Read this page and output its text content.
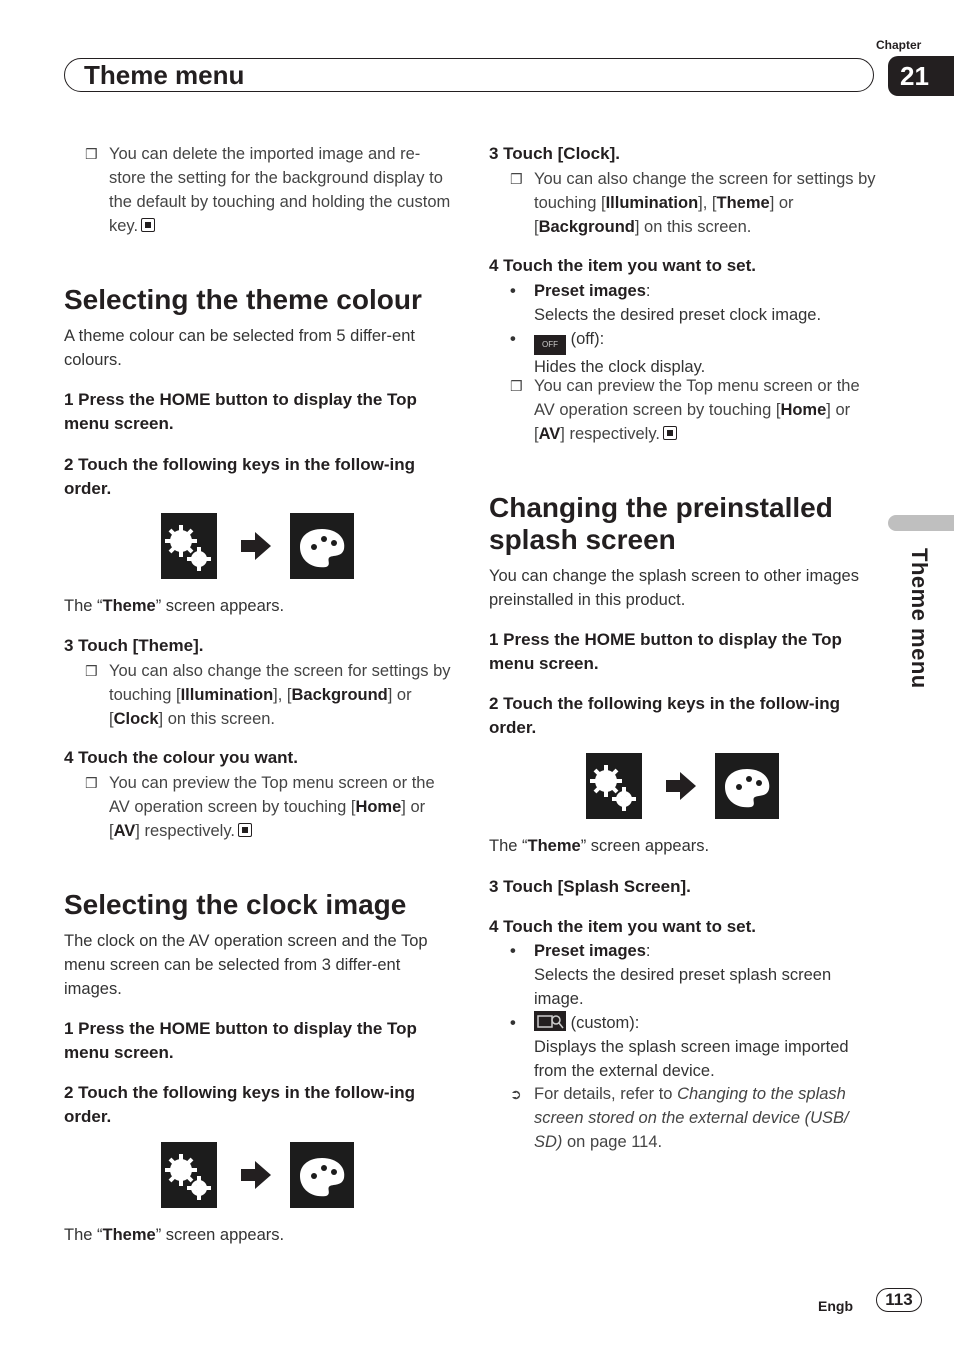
Chapter
21
Theme menu
Theme menu
❒ You can delete the imported image and re-store the setting for the background display to the default by touching and holding the custom key.
Selecting the theme colour
A theme colour can be selected from 5 differ-ent colours.
1 Press the HOME button to display the Top menu screen.
2 Touch the following keys in the follow-ing order.
The “Theme” screen appears.
3 Touch [Theme].
❒ You can also change the screen for settings by touching [Illumination], [Background] or [Clock] on this screen.
4 Touch the colour you want.
❒ You can preview the Top menu screen or the AV operation screen by touching [Home] or [AV] respectively.
Selecting the clock image
The clock on the AV operation screen and the Top menu screen can be selected from 3 differ-ent images.
1 Press the HOME button to display the Top menu screen.
2 Touch the following keys in the follow-ing order.
The “Theme” screen appears.
3 Touch [Clock].
❒ You can also change the screen for settings by touching [Illumination], [Theme] or [Background] on this screen.
4 Touch the item you want to set.
• Preset images:
Selects the desired preset clock image.
•	OFF (off):
Hides the clock display.
❒ You can preview the Top menu screen or the AV operation screen by touching [Home] or [AV] respectively.
Changing the preinstalled splash screen
You can change the splash screen to other images preinstalled in this product.
1 Press the HOME button to display the Top menu screen.
2 Touch the following keys in the follow-ing order.
The “Theme” screen appears.
3 Touch [Splash Screen].
4 Touch the item you want to set.
• Preset images:
Selects the desired preset splash screen image.
•	(custom):
Displays the splash screen image imported from the external device.
➲ For details, refer to Changing to the splash screen stored on the external device (USB/ SD) on page 114.
Engb	113
